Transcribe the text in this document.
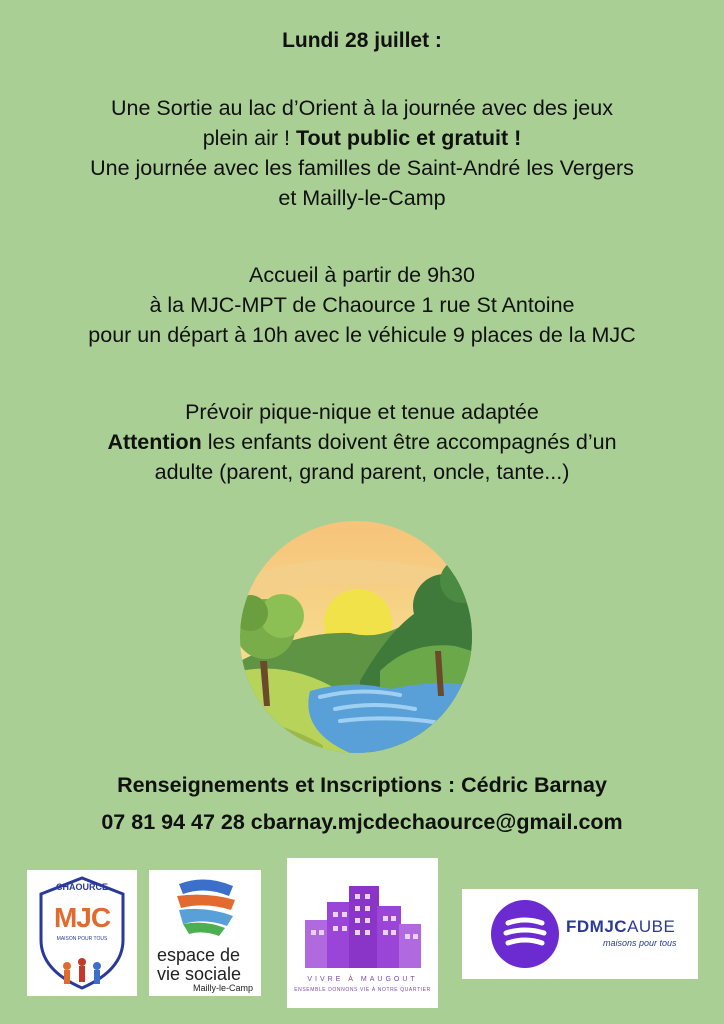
Lundi 28 juillet :
Une Sortie au lac d’Orient à la journée avec des jeux
plein air ! Tout public et gratuit !
Une journée avec les familles de Saint-André les Vergers
et Mailly-le-Camp
Accueil à partir de 9h30
à la MJC-MPT de Chaource 1 rue St Antoine
pour un départ à 10h avec le véhicule 9 places de la MJC
Prévoir pique-nique et tenue adaptée
Attention les enfants doivent être accompagnés d’un
adulte (parent, grand parent, oncle, tante...)
Renseignements et Inscriptions : Cédric Barnay
07 81 94 47 28 cbarnay.mjcdechaource@gmail.com
CHAOURCE
MJC
MAISON POUR TOUS
espace de
vie sociale
Mailly-le-Camp
VIVRE À MAUGOUT
ENSEMBLE DONNONS VIE À NOTRE QUARTIER
FDMJCAUBE
maisons pour tous
